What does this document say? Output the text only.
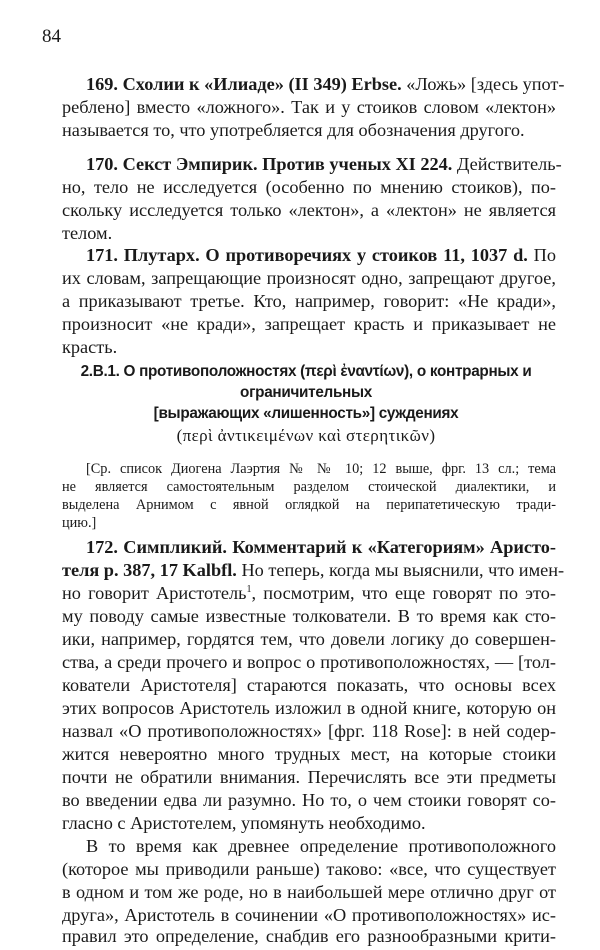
84
169. Схолии к «Илиаде» (II 349) Erbse. «Ложь» [здесь упот-
реблено] вместо «ложного». Так и у стоиков словом «лектон»
называется то, что употребляется для обозначения другого.
170. Секст Эмпирик. Против ученых XI 224. Действитель-
но, тело не исследуется (особенно по мнению стоиков), по-
скольку исследуется только «лектон», а «лектон» не является
телом.
171. Плутарх. О противоречиях у стоиков 11, 1037 d. По
их словам, запрещающие произносят одно, запрещают другое,
а приказывают третье. Кто, например, говорит: «Не кради»,
произносит «не кради», запрещает красть и приказывает не
красть.
2.В.1. О противоположностях (περὶ ἐναντίων), о контрарных и
ограничительных
[выражающих «лишенность»] суждениях
(περὶ ἀντικειμένων καὶ στερητικῶν)
[Ср. список Диогена Лаэртия № № 10; 12 выше, фрг. 13 сл.; тема
не является самостоятельным разделом стоической диалектики, и
выделена Арнимом с явной оглядкой на перипатетическую тради-
цию.]
172. Симпликий. Комментарий к «Категориям» Аристо-
теля p. 387, 17 Kalbfl. Но теперь, когда мы выяснили, что имен-
но говорит Аристотель$^1$, посмотрим, что еще говорят по это-
му поводу самые известные толкователи. В то время как сто-
ики, например, гордятся тем, что довели логику до совершен-
ства, а среди прочего и вопрос о противоположностях, — [тол-
кователи Аристотеля] стараются показать, что основы всех
этих вопросов Аристотель изложил в одной книге, которую он
назвал «О противоположностях» [фрг. 118 Rose]: в ней содер-
жится невероятно много трудных мест, на которые стоики
почти не обратили внимания. Перечислять все эти предметы
во введении едва ли разумно. Но то, о чем стоики говорят со-
гласно с Аристотелем, упомянуть необходимо.
В то время как древнее определение противоположного
(которое мы приводили раньше) таково: «все, что существует
в одном и том же роде, но в наибольшей мере отлично друг от
друга», Аристотель в сочинении «О противоположностях» ис-
правил это определение, снабдив его разнообразными крити-
